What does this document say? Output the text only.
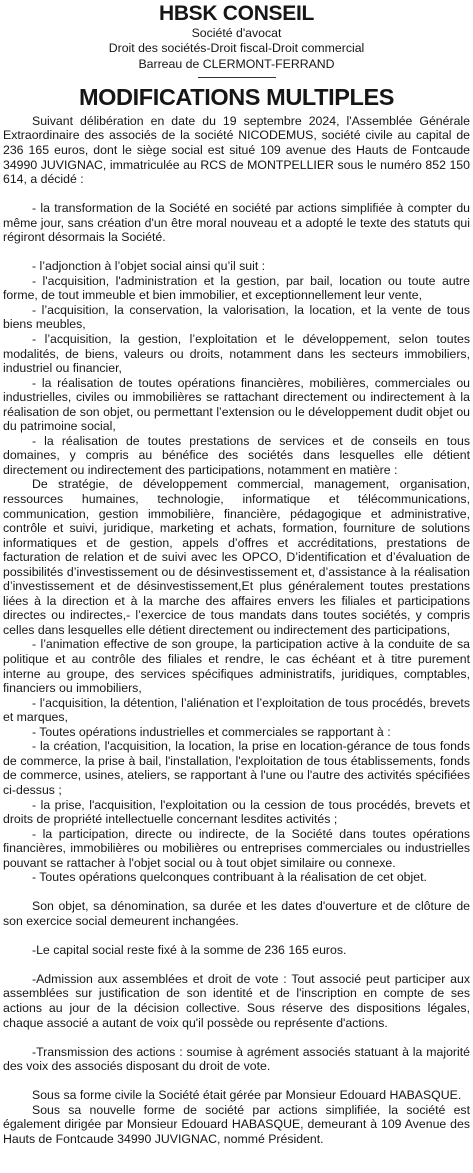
HBSK CONSEIL

Société d'avocat

Droit des sociétés-Droit fiscal-Droit commercial

Barreau de CLERMONT-FERRAND

MODIFICATIONS MULTIPLES

Suivant délibération en date du 19 septembre 2024, l'Assemblée Générale Extraordinaire des associés de la société NICODEMUS, société civile au capital de 236 165 euros, dont le siège social est situé 109 avenue des Hauts de Fontcaude 34990 JUVIGNAC, immatriculée au RCS de MONTPELLIER sous le numéro 852 150 614, a décidé :

- la transformation de la Société en société par actions simplifiée à compter du même jour, sans création d'un être moral nouveau et a adopté le texte des statuts qui régiront désormais la Société.

- l’adjonction à l’objet social ainsi qu’il suit :

- l'acquisition, l'administration et la gestion, par bail, location ou toute autre forme, de tout immeuble et bien immobilier, et exceptionnellement leur vente,

- l’acquisition, la conservation, la valorisation, la location, et la vente de tous biens meubles,

- l’acquisition, la gestion, l’exploitation et le développement, selon toutes modalités, de biens, valeurs ou droits, notamment dans les secteurs immobiliers, industriel ou financier,

- la réalisation de toutes opérations financières, mobilières, commerciales ou industrielles, civiles ou immobilières se rattachant directement ou indirectement à la réalisation de son objet, ou permettant l’extension ou le développement dudit objet ou du patrimoine social,

- la réalisation de toutes prestations de services et de conseils en tous domaines, y compris au bénéfice des sociétés dans lesquelles elle détient directement ou indirectement des participations, notamment en matière :

De stratégie, de développement commercial, management, organisation, ressources humaines, technologie, informatique et télécommunications, communication, gestion immobilière, financière, pédagogique et administrative, contrôle et suivi, juridique, marketing et achats, formation, fourniture de solutions informatiques et de gestion, appels d’offres et accréditations, prestations de facturation de relation et de suivi avec les OPCO, D’identification et d’évaluation de possibilités d’investissement ou de désinvestissement et, d’assistance à la réalisation d’investissement et de désinvestissement,Et plus généralement toutes prestations liées à la direction et à la marche des affaires envers les filiales et participations directes ou indirectes,- l’exercice de tous mandats dans toutes sociétés, y compris celles dans lesquelles elle détient directement ou indirectement des participations,

- l’animation effective de son groupe, la participation active à la conduite de sa politique et au contrôle des filiales et rendre, le cas échéant et à titre purement interne au groupe, des services spécifiques administratifs, juridiques, comptables, financiers ou immobiliers,

- l’acquisition, la détention, l’aliénation et l’exploitation de tous procédés, brevets et marques,

- Toutes opérations industrielles et commerciales se rapportant à :

- la création, l'acquisition, la location, la prise en location-gérance de tous fonds de commerce, la prise à bail, l'installation, l'exploitation de tous établissements, fonds de commerce, usines, ateliers, se rapportant à l'une ou l'autre des activités spécifiées ci-dessus ;

- la prise, l'acquisition, l'exploitation ou la cession de tous procédés, brevets et droits de propriété intellectuelle concernant lesdites activités ;

- la participation, directe ou indirecte, de la Société dans toutes opérations financières, immobilières ou mobilières ou entreprises commerciales ou industrielles pouvant se rattacher à l'objet social ou à tout objet similaire ou connexe.

- Toutes opérations quelconques contribuant à la réalisation de cet objet.

Son objet, sa dénomination, sa durée et les dates d'ouverture et de clôture de son exercice social demeurent inchangées.

-Le capital social reste fixé à la somme de 236 165 euros.

-Admission aux assemblées et droit de vote : Tout associé peut participer aux assemblées sur justification de son identité et de l'inscription en compte de ses actions au jour de la décision collective. Sous réserve des dispositions légales, chaque associé a autant de voix qu'il possède ou représente d'actions.

-Transmission des actions : soumise à agrément associés statuant à la majorité des voix des associés disposant du droit de vote.

Sous sa forme civile la Société était gérée par Monsieur Edouard HABASQUE.

Sous sa nouvelle forme de société par actions simplifiée, la société est également dirigée par Monsieur Edouard HABASQUE, demeurant à 109 Avenue des Hauts de Fontcaude 34990 JUVIGNAC, nommé Président.
